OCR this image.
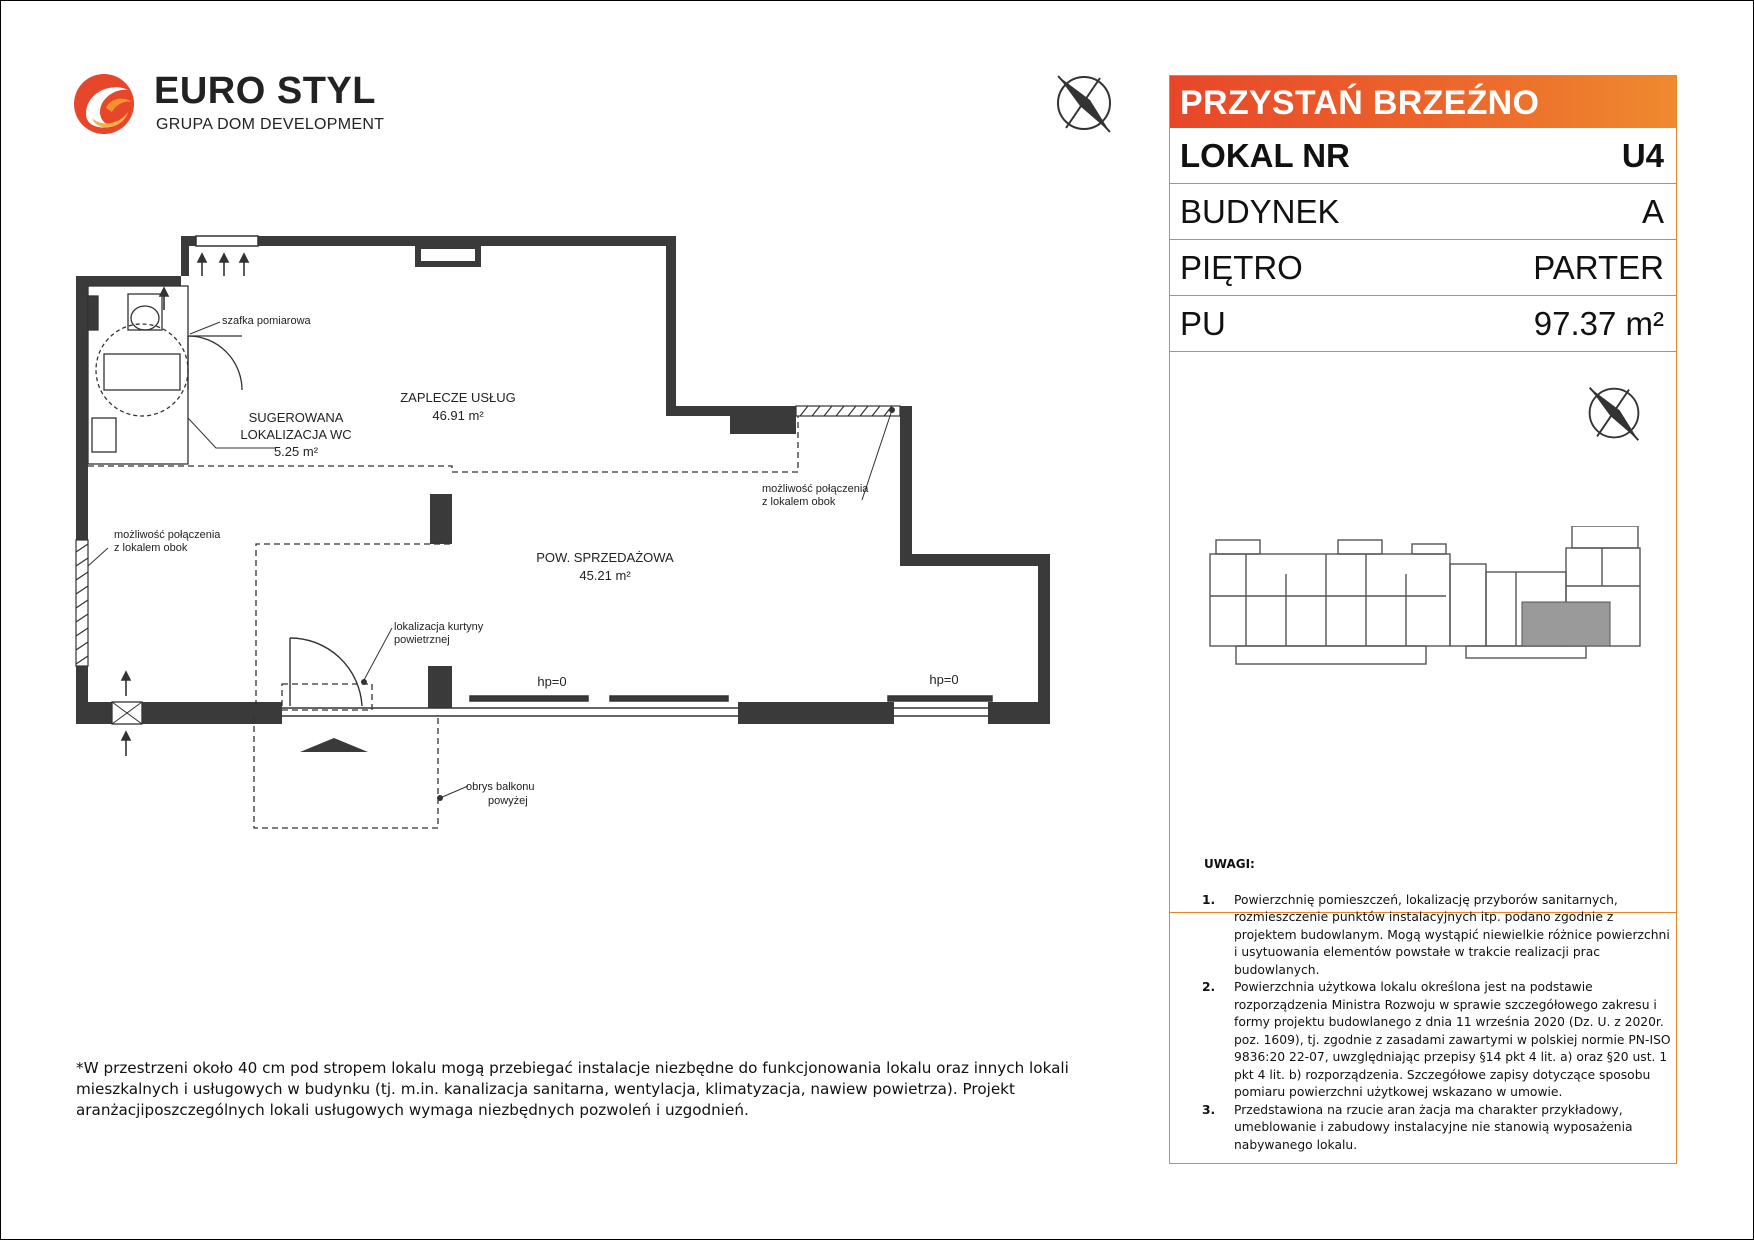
EURO STYL
GRUPA DOM DEVELOPMENT
ZAPLECZE USŁUG
46.91 m²
POW. SPRZEDAŻOWA
45.21 m²
SUGEROWANA
LOKALIZACJA WC
5.25 m²
hp=0	hp=0
szafka pomiarowa
możliwość połączenia
z lokalem obok
możliwość połączenia
z lokalem obok
lokalizacja kurtyny
powietrznej
obrys balkonu
powyżej
PRZYSTAŃ BRZEŹNO
LOKAL NR	U4
BUDYNEK	A
PIĘTRO	PARTER
PU	97.37 m²
UWAGI:
1.	Powierzchnię pomieszczeń, lokalizację przyborów sanitarnych, rozmieszczenie punktów instalacyjnych itp. podano zgodnie z projektem budowlanym. Mogą wystąpić niewielkie różnice powierzchni i usytuowania elementów powstałe w trakcie realizacji prac budowlanych.
2.	Powierzchnia użytkowa lokalu określona jest na podstawie rozporządzenia Ministra Rozwoju w sprawie szczegółowego zakresu i formy projektu budowlanego z dnia 11 września 2020 (Dz. U. z 2020r. poz. 1609), tj. zgodnie z zasadami zawartymi w polskiej normie PN-ISO 9836:20 22-07, uwzględniając przepisy §14 pkt 4 lit. a) oraz §20 ust. 1 pkt 4 lit. b) rozporządzenia. Szczegółowe zapisy dotyczące sposobu pomiaru powierzchni użytkowej wskazano w umowie.
3.	Przedstawiona na rzucie aran żacja ma charakter przykładowy, umeblowanie i zabudowy instalacyjne nie stanowią wyposażenia nabywanego lokalu.
*W przestrzeni około 40 cm pod stropem lokalu mogą przebiegać instalacje niezbędne do funkcjonowania lokalu oraz innych lokali mieszkalnych i usługowych w budynku (tj. m.in. kanalizacja sanitarna, wentylacja, klimatyzacja, nawiew powietrza). Projekt aranżacjiposzczególnych lokali usługowych wymaga niezbędnych pozwoleń i uzgodnień.
